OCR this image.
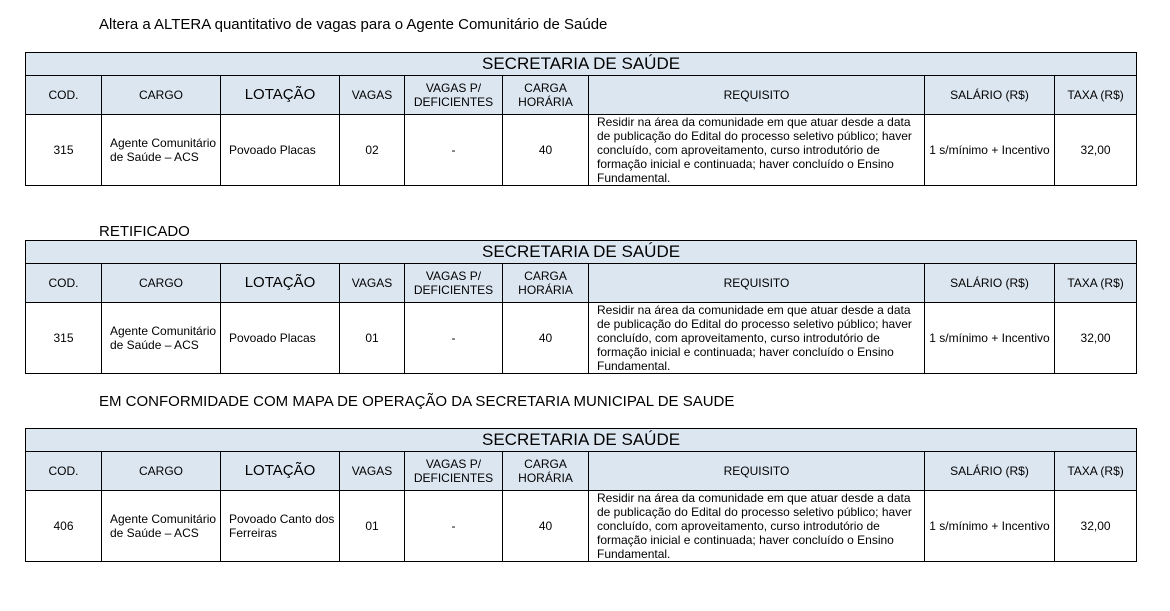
Altera a ALTERA quantitativo de vagas para o Agente Comunitário de Saúde
SECRETARIA DE SAÚDE								
COD.	CARGO	LOTAÇÃO	VAGAS	VAGAS P/ DEFICIENTES	CARGA HORÁRIA	REQUISITO	SALÁRIO (R$)	TAXA (R$)
315	Agente Comunitário de Saúde – ACS	Povoado Placas	02	-	40	Residir na área da comunidade em que atuar desde a data de publicação do Edital do processo seletivo público; haver concluído, com aproveitamento, curso introdutório de formação inicial e continuada; haver concluído o Ensino Fundamental.	1 s/mínimo + Incentivo	32,00
RETIFICADO
SECRETARIA DE SAÚDE								
COD.	CARGO	LOTAÇÃO	VAGAS	VAGAS P/ DEFICIENTES	CARGA HORÁRIA	REQUISITO	SALÁRIO (R$)	TAXA (R$)
315	Agente Comunitário de Saúde – ACS	Povoado Placas	01	-	40	Residir na área da comunidade em que atuar desde a data de publicação do Edital do processo seletivo público; haver concluído, com aproveitamento, curso introdutório de formação inicial e continuada; haver concluído o Ensino Fundamental.	1 s/mínimo + Incentivo	32,00
EM CONFORMIDADE COM MAPA DE OPERAÇÃO DA SECRETARIA MUNICIPAL DE SAUDE
SECRETARIA DE SAÚDE								
COD.	CARGO	LOTAÇÃO	VAGAS	VAGAS P/ DEFICIENTES	CARGA HORÁRIA	REQUISITO	SALÁRIO (R$)	TAXA (R$)
406	Agente Comunitário de Saúde – ACS	Povoado Canto dos Ferreiras	01	-	40	Residir na área da comunidade em que atuar desde a data de publicação do Edital do processo seletivo público; haver concluído, com aproveitamento, curso introdutório de formação inicial e continuada; haver concluído o Ensino Fundamental.	1 s/mínimo + Incentivo	32,00
